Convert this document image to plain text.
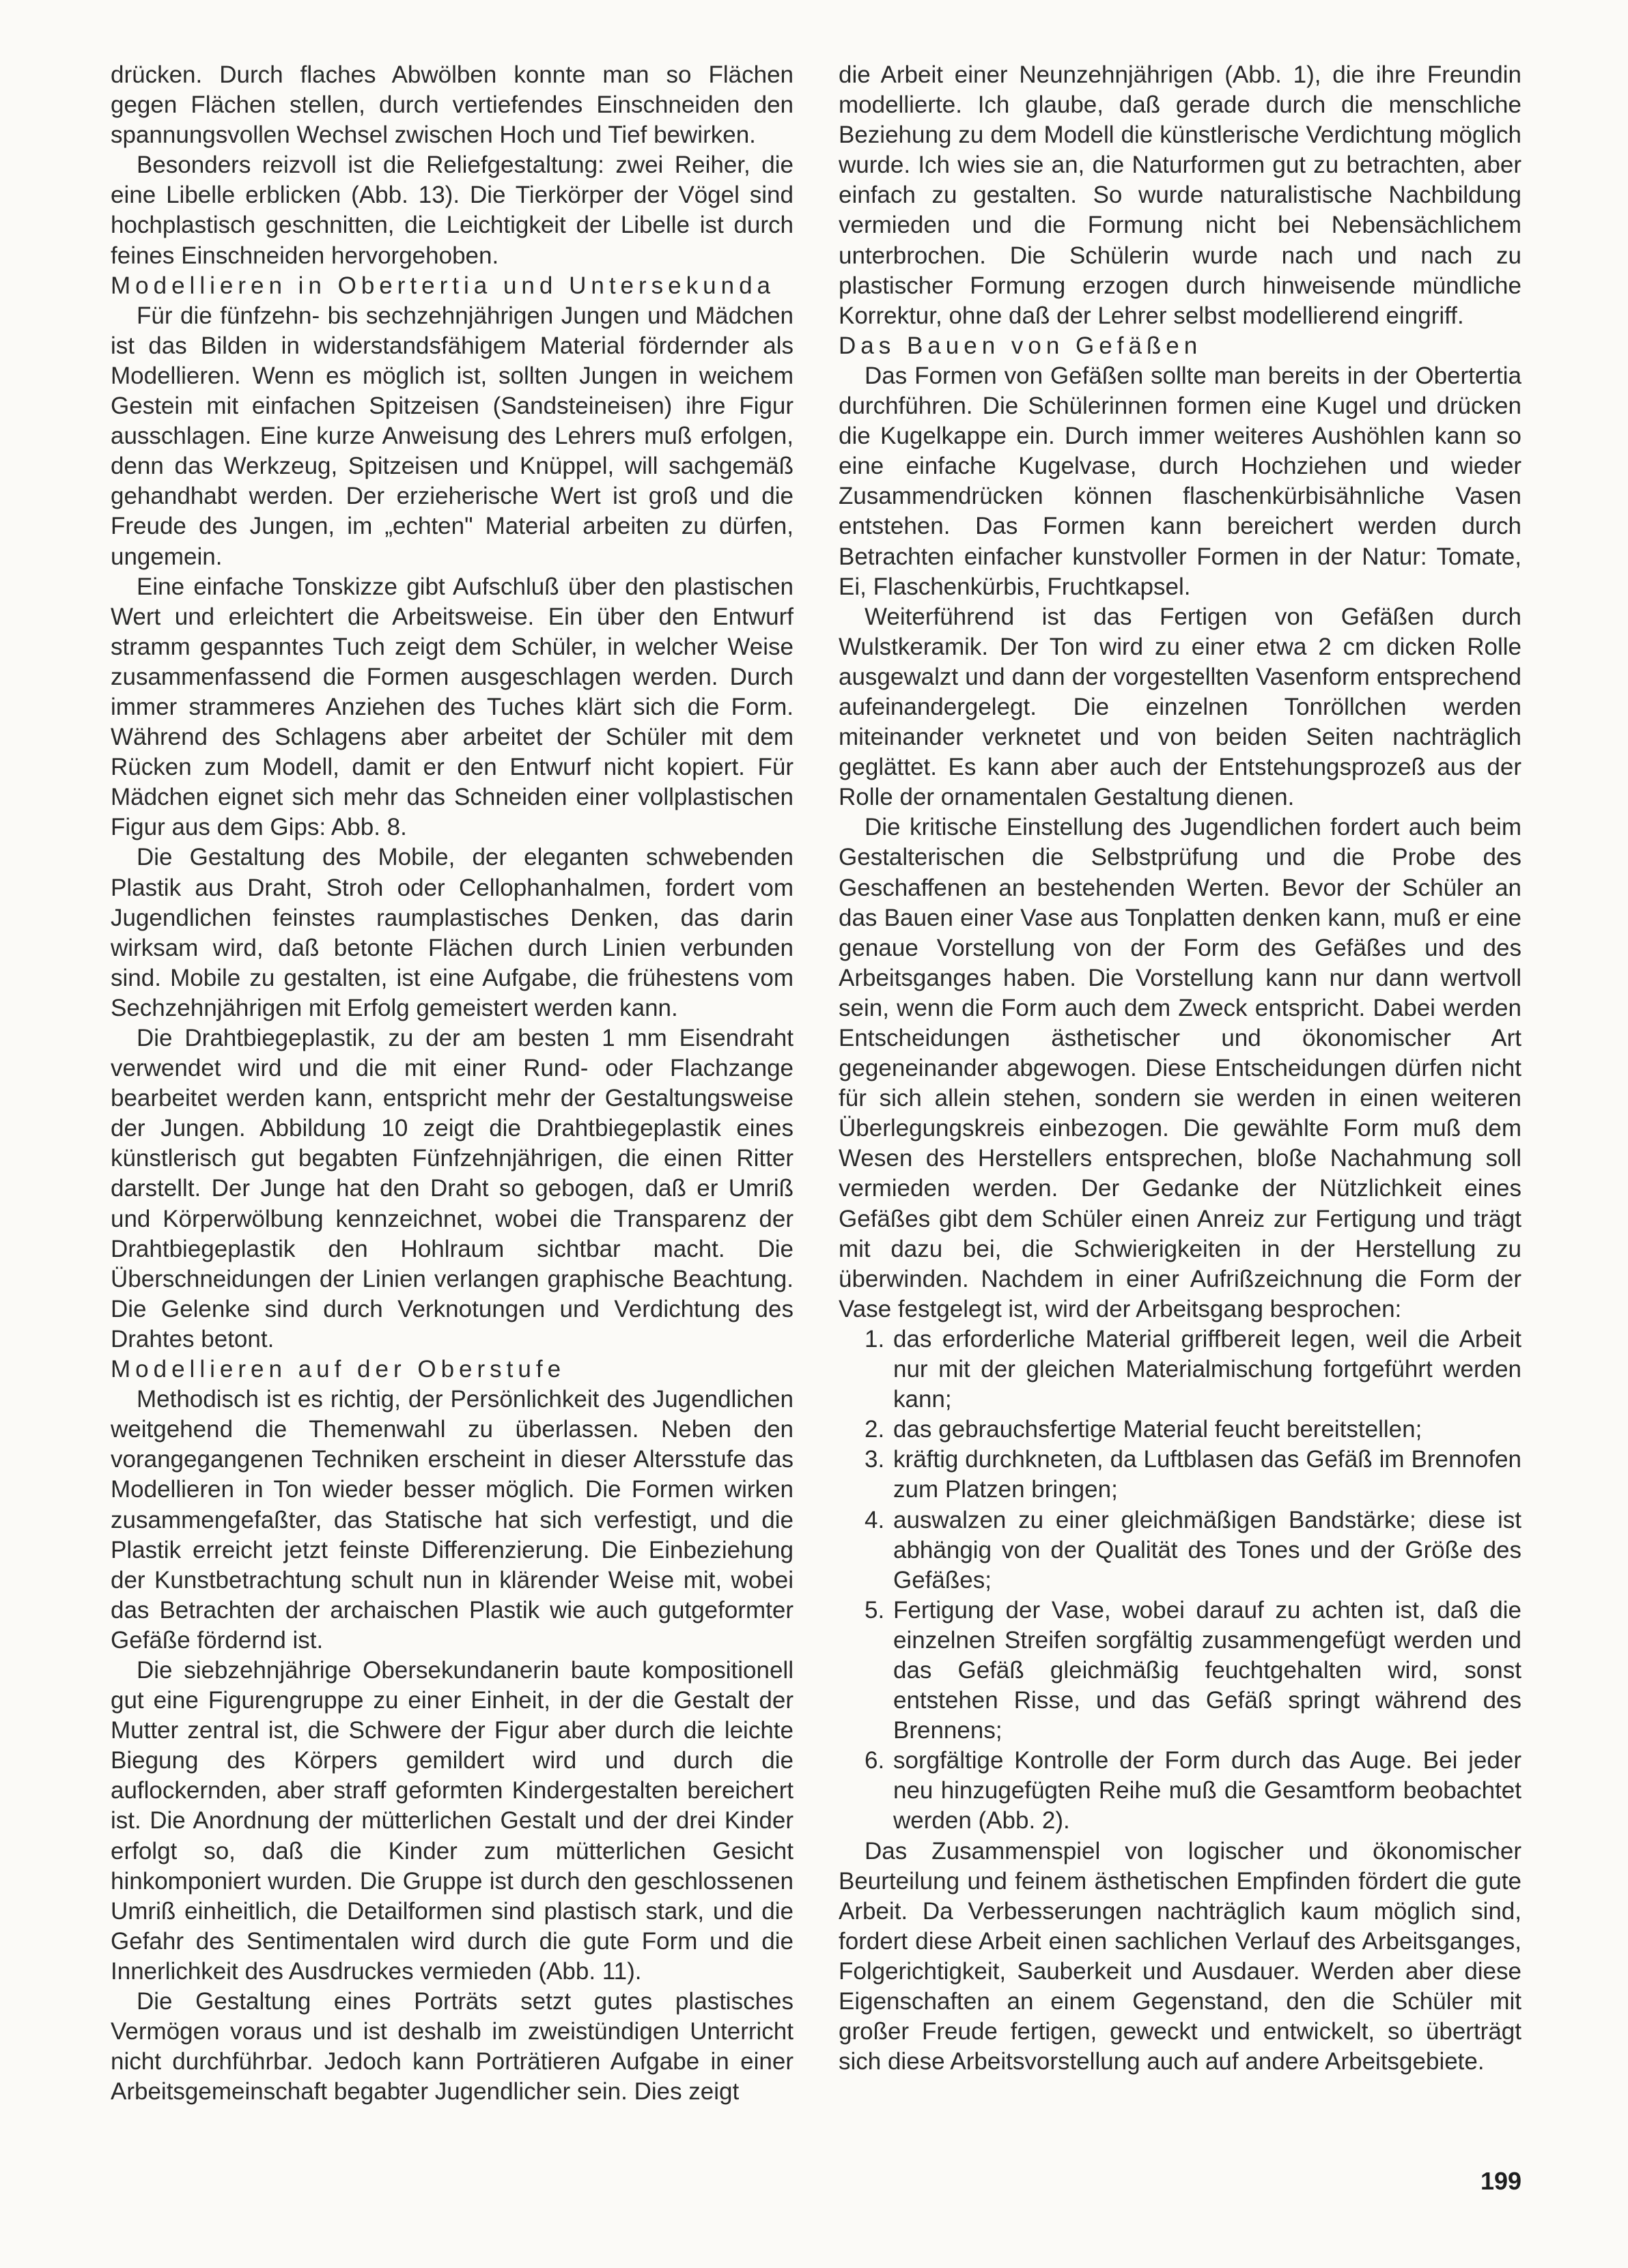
drücken. Durch flaches Abwölben konnte man so Flächen gegen Flächen stellen, durch vertiefendes Einschneiden den spannungsvollen Wechsel zwischen Hoch und Tief bewirken.

Besonders reizvoll ist die Reliefgestaltung: zwei Reiher, die eine Libelle erblicken (Abb. 13). Die Tierkörper der Vögel sind hochplastisch geschnitten, die Leichtigkeit der Libelle ist durch feines Einschneiden hervorgehoben.

Modellieren in Obertertia und Untersekunda

Für die fünfzehn- bis sechzehnjährigen Jungen und Mädchen ist das Bilden in widerstandsfähigem Material fördernder als Modellieren. Wenn es möglich ist, sollten Jungen in weichem Gestein mit einfachen Spitzeisen (Sandsteineisen) ihre Figur ausschlagen. Eine kurze Anweisung des Lehrers muß erfolgen, denn das Werkzeug, Spitzeisen und Knüppel, will sachgemäß gehandhabt werden. Der erzieherische Wert ist groß und die Freude des Jungen, im „echten" Material arbeiten zu dürfen, ungemein.

Eine einfache Tonskizze gibt Aufschluß über den plastischen Wert und erleichtert die Arbeitsweise. Ein über den Entwurf stramm gespanntes Tuch zeigt dem Schüler, in welcher Weise zusammenfassend die Formen ausgeschlagen werden. Durch immer strammeres Anziehen des Tuches klärt sich die Form. Während des Schlagens aber arbeitet der Schüler mit dem Rücken zum Modell, damit er den Entwurf nicht kopiert. Für Mädchen eignet sich mehr das Schneiden einer vollplastischen Figur aus dem Gips: Abb. 8.

Die Gestaltung des Mobile, der eleganten schwebenden Plastik aus Draht, Stroh oder Cellophanhalmen, fordert vom Jugendlichen feinstes raumplastisches Denken, das darin wirksam wird, daß betonte Flächen durch Linien verbunden sind. Mobile zu gestalten, ist eine Aufgabe, die frühestens vom Sechzehnjährigen mit Erfolg gemeistert werden kann.

Die Drahtbiegeplastik, zu der am besten 1 mm Eisendraht verwendet wird und die mit einer Rund- oder Flachzange bearbeitet werden kann, entspricht mehr der Gestaltungsweise der Jungen. Abbildung 10 zeigt die Drahtbiegeplastik eines künstlerisch gut begabten Fünfzehnjährigen, die einen Ritter darstellt. Der Junge hat den Draht so gebogen, daß er Umriß und Körperwölbung kennzeichnet, wobei die Transparenz der Drahtbiegeplastik den Hohlraum sichtbar macht. Die Überschneidungen der Linien verlangen graphische Beachtung. Die Gelenke sind durch Verknotungen und Verdichtung des Drahtes betont.

Modellieren auf der Oberstufe

Methodisch ist es richtig, der Persönlichkeit des Jugendlichen weitgehend die Themenwahl zu überlassen. Neben den vorangegangenen Techniken erscheint in dieser Altersstufe das Modellieren in Ton wieder besser möglich. Die Formen wirken zusammengefaßter, das Statische hat sich verfestigt, und die Plastik erreicht jetzt feinste Differenzierung. Die Einbeziehung der Kunstbetrachtung schult nun in klärender Weise mit, wobei das Betrachten der archaischen Plastik wie auch gutgeformter Gefäße fördernd ist.

Die siebzehnjährige Obersekundanerin baute kompositionell gut eine Figurengruppe zu einer Einheit, in der die Gestalt der Mutter zentral ist, die Schwere der Figur aber durch die leichte Biegung des Körpers gemildert wird und durch die auflockernden, aber straff geformten Kindergestalten bereichert ist. Die Anordnung der mütterlichen Gestalt und der drei Kinder erfolgt so, daß die Kinder zum mütterlichen Gesicht hinkomponiert wurden. Die Gruppe ist durch den geschlossenen Umriß einheitlich, die Detailformen sind plastisch stark, und die Gefahr des Sentimentalen wird durch die gute Form und die Innerlichkeit des Ausdruckes vermieden (Abb. 11).

Die Gestaltung eines Porträts setzt gutes plastisches Vermögen voraus und ist deshalb im zweistündigen Unterricht nicht durchführbar. Jedoch kann Porträtieren Aufgabe in einer Arbeitsgemeinschaft begabter Jugendlicher sein. Dies zeigt

die Arbeit einer Neunzehnjährigen (Abb. 1), die ihre Freundin modellierte. Ich glaube, daß gerade durch die menschliche Beziehung zu dem Modell die künstlerische Verdichtung möglich wurde. Ich wies sie an, die Naturformen gut zu betrachten, aber einfach zu gestalten. So wurde naturalistische Nachbildung vermieden und die Formung nicht bei Nebensächlichem unterbrochen. Die Schülerin wurde nach und nach zu plastischer Formung erzogen durch hinweisende mündliche Korrektur, ohne daß der Lehrer selbst modellierend eingriff.

Das Bauen von Gefäßen

Das Formen von Gefäßen sollte man bereits in der Obertertia durchführen. Die Schülerinnen formen eine Kugel und drücken die Kugelkappe ein. Durch immer weiteres Aushöhlen kann so eine einfache Kugelvase, durch Hochziehen und wieder Zusammendrücken können flaschenkürbisähnliche Vasen entstehen. Das Formen kann bereichert werden durch Betrachten einfacher kunstvoller Formen in der Natur: Tomate, Ei, Flaschenkürbis, Fruchtkapsel.

Weiterführend ist das Fertigen von Gefäßen durch Wulstkeramik. Der Ton wird zu einer etwa 2 cm dicken Rolle ausgewalzt und dann der vorgestellten Vasenform entsprechend aufeinandergelegt. Die einzelnen Tonröllchen werden miteinander verknetet und von beiden Seiten nachträglich geglättet. Es kann aber auch der Entstehungsprozeß aus der Rolle der ornamentalen Gestaltung dienen.

Die kritische Einstellung des Jugendlichen fordert auch beim Gestalterischen die Selbstprüfung und die Probe des Geschaffenen an bestehenden Werten. Bevor der Schüler an das Bauen einer Vase aus Tonplatten denken kann, muß er eine genaue Vorstellung von der Form des Gefäßes und des Arbeitsganges haben. Die Vorstellung kann nur dann wertvoll sein, wenn die Form auch dem Zweck entspricht. Dabei werden Entscheidungen ästhetischer und ökonomischer Art gegeneinander abgewogen. Diese Entscheidungen dürfen nicht für sich allein stehen, sondern sie werden in einen weiteren Überlegungskreis einbezogen. Die gewählte Form muß dem Wesen des Herstellers entsprechen, bloße Nachahmung soll vermieden werden. Der Gedanke der Nützlichkeit eines Gefäßes gibt dem Schüler einen Anreiz zur Fertigung und trägt mit dazu bei, die Schwierigkeiten in der Herstellung zu überwinden. Nachdem in einer Aufrißzeichnung die Form der Vase festgelegt ist, wird der Arbeitsgang besprochen:

1. das erforderliche Material griffbereit legen, weil die Arbeit nur mit der gleichen Materialmischung fortgeführt werden kann;
2. das gebrauchsfertige Material feucht bereitstellen;
3. kräftig durchkneten, da Luftblasen das Gefäß im Brennofen zum Platzen bringen;
4. auswalzen zu einer gleichmäßigen Bandstärke; diese ist abhängig von der Qualität des Tones und der Größe des Gefäßes;
5. Fertigung der Vase, wobei darauf zu achten ist, daß die einzelnen Streifen sorgfältig zusammengefügt werden und das Gefäß gleichmäßig feuchtgehalten wird, sonst entstehen Risse, und das Gefäß springt während des Brennens;
6. sorgfältige Kontrolle der Form durch das Auge. Bei jeder neu hinzugefügten Reihe muß die Gesamtform beobachtet werden (Abb. 2).

Das Zusammenspiel von logischer und ökonomischer Beurteilung und feinem ästhetischen Empfinden fördert die gute Arbeit. Da Verbesserungen nachträglich kaum möglich sind, fordert diese Arbeit einen sachlichen Verlauf des Arbeitsganges, Folgerichtigkeit, Sauberkeit und Ausdauer. Werden aber diese Eigenschaften an einem Gegenstand, den die Schüler mit großer Freude fertigen, geweckt und entwickelt, so überträgt sich diese Arbeitsvorstellung auch auf andere Arbeitsgebiete.

199
